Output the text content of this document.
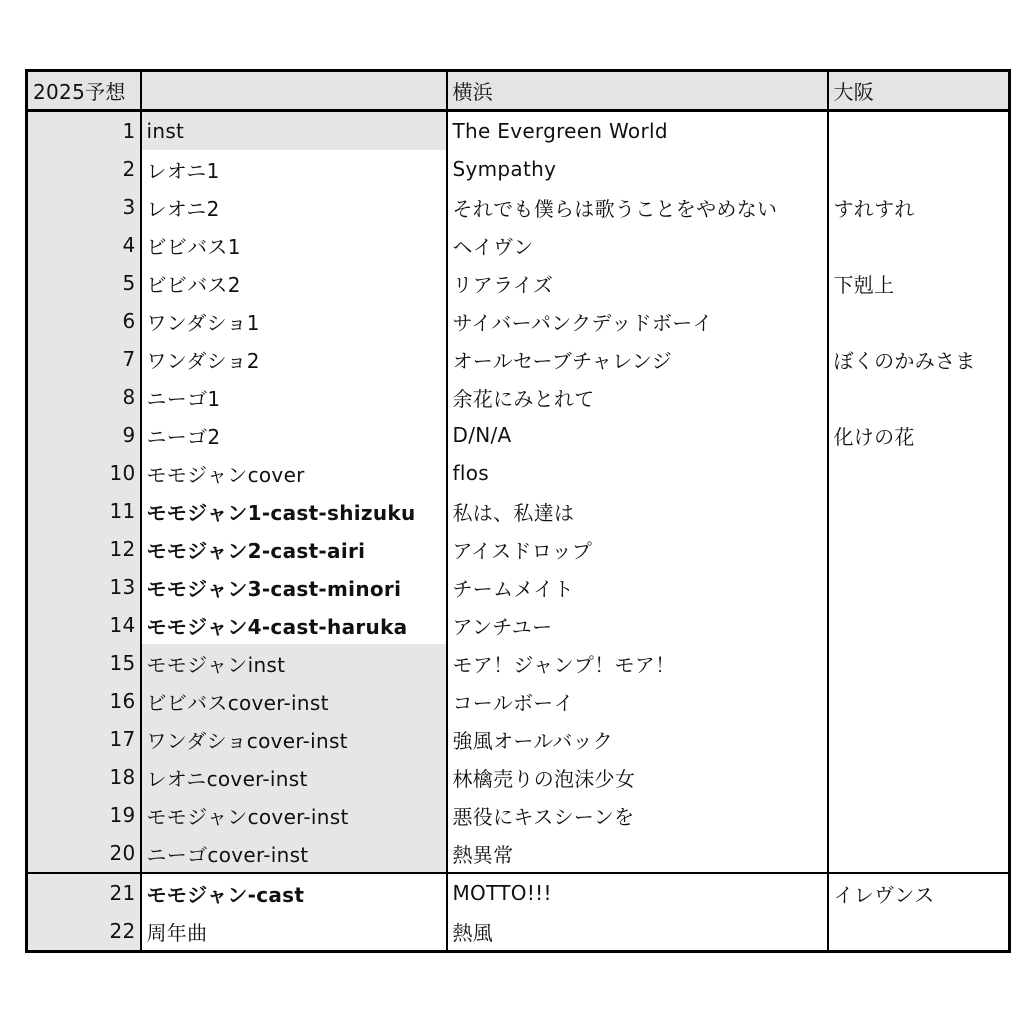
2025予想		横浜	大阪
1	inst	The Evergreen World	
2	レオニ1	Sympathy	
3	レオニ2	それでも僕らは歌うことをやめない	すれすれ
4	ビビバス1	ヘイヴン	
5	ビビバス2	リアライズ	下剋上
6	ワンダショ1	サイバーパンクデッドボーイ	
7	ワンダショ2	オールセーブチャレンジ	ぼくのかみさま
8	ニーゴ1	余花にみとれて	
9	ニーゴ2	D/N/A	化けの花
10	モモジャンcover	flos	
11	モモジャン1-cast-shizuku	私は、私達は	
12	モモジャン2-cast-airi	アイスドロップ	
13	モモジャン3-cast-minori	チームメイト	
14	モモジャン4-cast-haruka	アンチユー	
15	モモジャンinst	モア！ジャンプ！モア！	
16	ビビバスcover-inst	コールボーイ	
17	ワンダショcover-inst	強風オールバック	
18	レオニcover-inst	林檎売りの泡沫少女	
19	モモジャンcover-inst	悪役にキスシーンを	
20	ニーゴcover-inst	熱異常	
21	モモジャン-cast	MOTTO!!!	イレヴンス
22	周年曲	熱風	
